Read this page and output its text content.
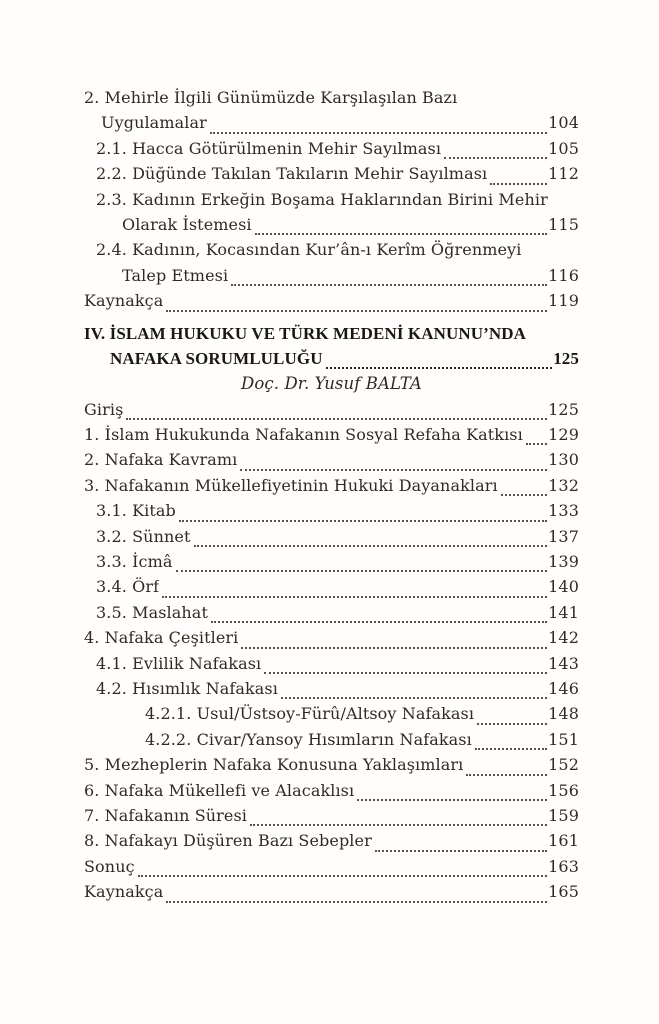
2. Mehirle İlgili Günümüzde Karşılaşılan Bazı
Uygulamalar	104
2.1. Hacca Götürülmenin Mehir Sayılması	105
2.2. Düğünde Takılan Takıların Mehir Sayılması	112
2.3. Kadının Erkeğin Boşama Haklarından Birini Mehir
Olarak İstemesi	115
2.4. Kadının, Kocasından Kur’ân-ı Kerîm Öğrenmeyi
Talep Etmesi	116
Kaynakça	119
IV. İSLAM HUKUKU VE TÜRK MEDENİ KANUNU’NDA
NAFAKA SORUMLULUĞU	125
Doç. Dr. Yusuf BALTA
Giriş	125
1. İslam Hukukunda Nafakanın Sosyal Refaha Katkısı 129
2. Nafaka Kavramı	130
3. Nafakanın Mükellefiyetinin Hukuki Dayanakları	132
3.1. Kitab	133
3.2. Sünnet	137
3.3. İcmâ	139
3.4. Örf	140
3.5. Maslahat	141
4. Nafaka Çeşitleri	142
4.1. Evlilik Nafakası	143
4.2. Hısımlık Nafakası	146
4.2.1. Usul/Üstsoy-Fürû/Altsoy Nafakası	148
4.2.2. Civar/Yansoy Hısımların Nafakası	151
5. Mezheplerin Nafaka Konusuna Yaklaşımları	152
6. Nafaka Mükellefi ve Alacaklısı	156
7. Nafakanın Süresi	159
8. Nafakayı Düşüren Bazı Sebepler	161
Sonuç	163
Kaynakça	165
